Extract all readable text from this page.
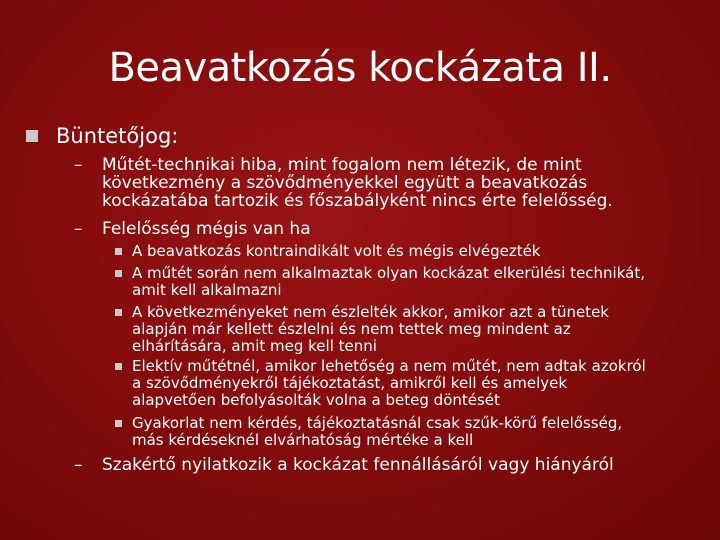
Beavatkozás kockázata II.
Büntetőjog:
– Műtét-technikai hiba, mint fogalom nem létezik, de mint
következmény a szövődményekkel együtt a beavatkozás
kockázatába tartozik és főszabályként nincs érte felelősség.
– Felelősség mégis van ha
A beavatkozás kontraindikált volt és mégis elvégezték
A műtét során nem alkalmaztak olyan kockázat elkerülési technikát,
amit kell alkalmazni
A következményeket nem észlelték akkor, amikor azt a tünetek
alapján már kellett észlelni és nem tettek meg mindent az
elhárítására, amit meg kell tenni
Elektív műtétnél, amikor lehetőség a nem műtét, nem adtak azokról
a szövődményekről tájékoztatást, amikről kell és amelyek
alapvetően befolyásolták volna a beteg döntését
Gyakorlat nem kérdés, tájékoztatásnál csak szűk-körű felelősség,
más kérdéseknél elvárhatóság mértéke a kell
– Szakértő nyilatkozik a kockázat fennállásáról vagy hiányáról
